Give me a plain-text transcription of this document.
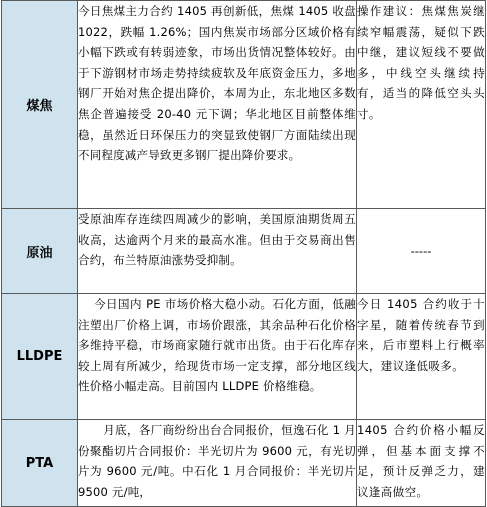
煤焦	今日焦煤主力合约 1405 再创新低，焦煤 1405 收盘 1022，跌幅 1.26%；国内焦炭市场部分区域价格有小幅下跌或有转弱迹象，市场出货情况整体较好。由于下游钢材市场走势持续疲软及年底资金压力，多地钢厂开始对焦企提出降价，本周为止，东北地区多数焦企普遍接受 20-40 元下调；华北地区目前整体维稳，虽然近日环保压力的突显致使钢厂方面陆续出现不同程度减产导致更多钢厂提出降价要求。	操作建议：焦煤焦炭继续窄幅震荡，疑似下跌中继，建议短线不要做多，中线空头继续持有，适当的降低空头头寸。
原油	受原油库存连续四周减少的影响，美国原油期货周五收高，达逾两个月来的最高水准。但由于交易商出售合约，布兰特原油涨势受抑制。	-----
LLDPE	今日国内 PE 市场价格大稳小动。石化方面，低融注塑出厂价格上调，市场价跟涨，其余品种石化价格多维持平稳，市场商家随行就市出货。由于石化库存较上周有所减少，给现货市场一定支撑，部分地区线性价格小幅走高。目前国内 LLDPE 价格维稳。	今日 1405 合约收于十字星，随着传统春节到来，后市塑料上行概率大，建议逢低吸多。
PTA	月底，各厂商纷纷出台合同报价，恒逸石化 1 月份聚酯切片合同报价：半光切片为 9600 元，有光切片为 9600 元/吨。中石化 1 月合同报价：半光切片 9500 元/吨，	1405 合约价格小幅反弹，但基本面支撑不足，预计反弹乏力，建议逢高做空。
